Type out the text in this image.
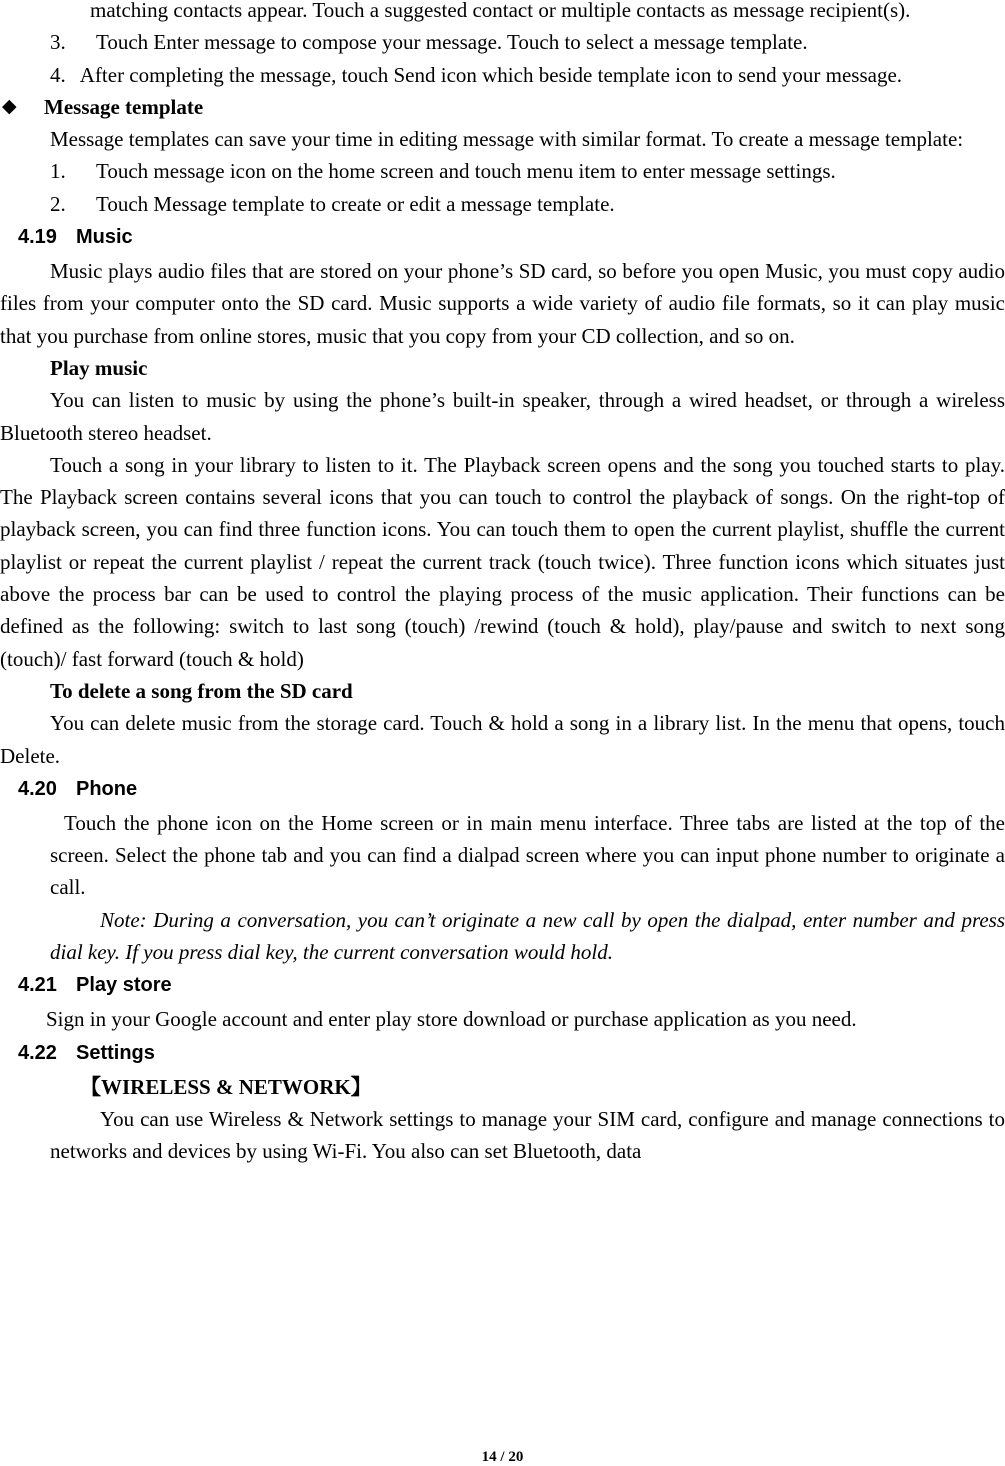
matching contacts appear. Touch a suggested contact or multiple contacts as message recipient(s).

3. Touch Enter message to compose your message. Touch to select a message template.

4. After completing the message, touch Send icon which beside template icon to send your message.

◆ Message template

Message templates can save your time in editing message with similar format. To create a message template:

1. Touch message icon on the home screen and touch menu item to enter message settings.

2. Touch Message template to create or edit a message template.

4.19 Music

Music plays audio files that are stored on your phone’s SD card, so before you open Music, you must copy audio files from your computer onto the SD card. Music supports a wide variety of audio file formats, so it can play music that you purchase from online stores, music that you copy from your CD collection, and so on.

Play music

You can listen to music by using the phone’s built-in speaker, through a wired headset, or through a wireless Bluetooth stereo headset.

Touch a song in your library to listen to it. The Playback screen opens and the song you touched starts to play. The Playback screen contains several icons that you can touch to control the playback of songs. On the right-top of playback screen, you can find three function icons. You can touch them to open the current playlist, shuffle the current playlist or repeat the current playlist / repeat the current track (touch twice). Three function icons which situates just above the process bar can be used to control the playing process of the music application. Their functions can be defined as the following: switch to last song (touch) /rewind (touch & hold), play/pause and switch to next song (touch)/ fast forward (touch & hold)

To delete a song from the SD card

You can delete music from the storage card. Touch & hold a song in a library list. In the menu that opens, touch Delete.

4.20 Phone

Touch the phone icon on the Home screen or in main menu interface. Three tabs are listed at the top of the screen. Select the phone tab and you can find a dialpad screen where you can input phone number to originate a call.

Note: During a conversation, you can’t originate a new call by open the dialpad, enter number and press dial key. If you press dial key, the current conversation would hold.

4.21 Play store

Sign in your Google account and enter play store download or purchase application as you need.

4.22 Settings

【WIRELESS & NETWORK】

You can use Wireless & Network settings to manage your SIM card, configure and manage connections to networks and devices by using Wi-Fi. You also can set Bluetooth, data

14 / 20
